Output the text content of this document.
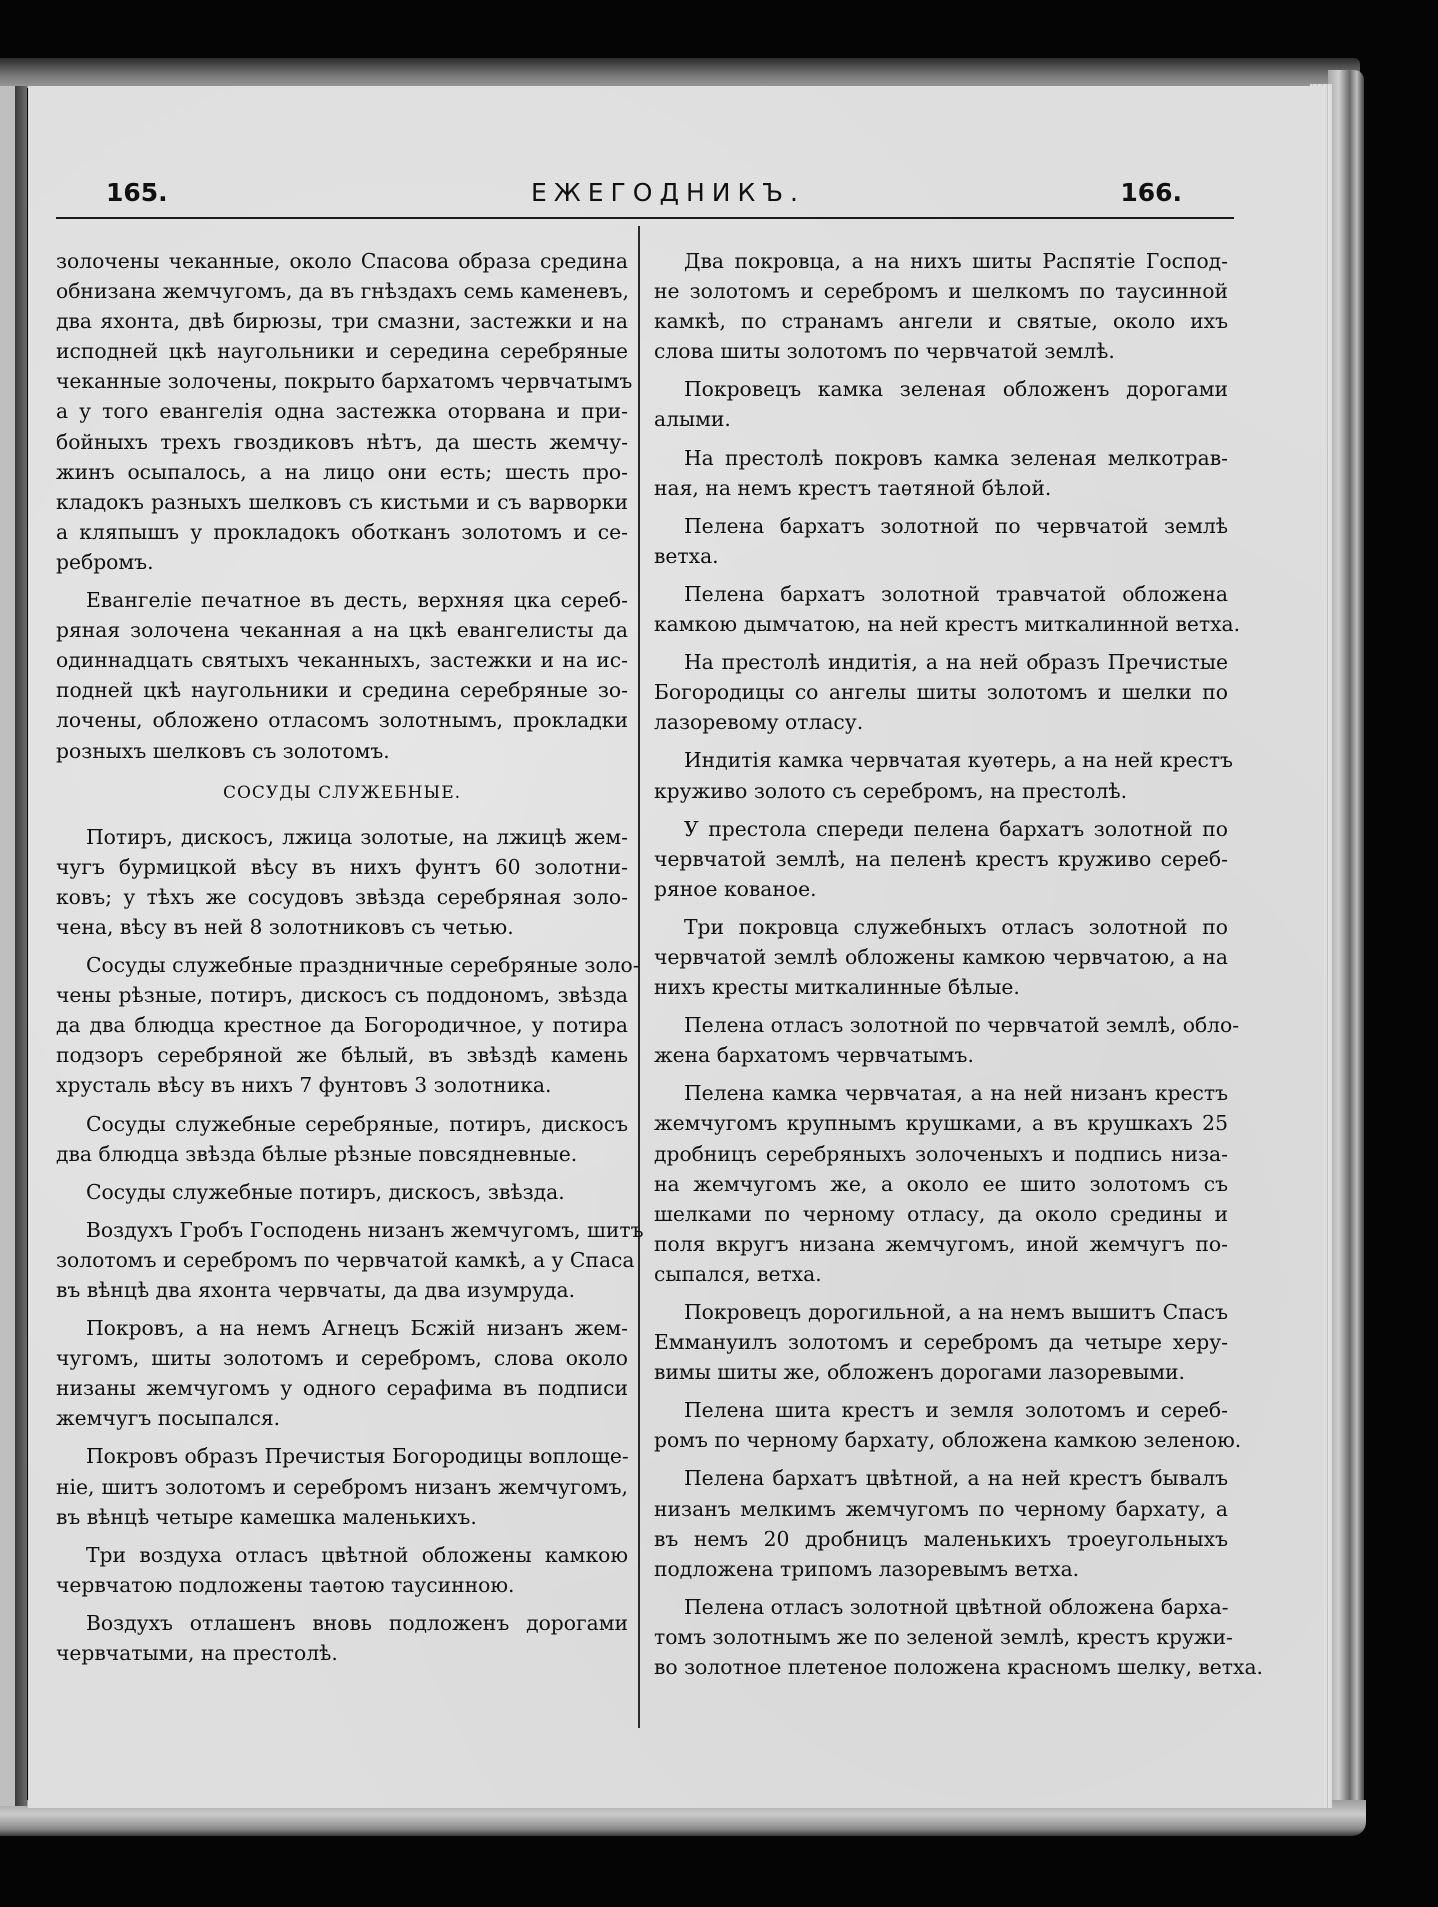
165.	ЕЖЕГОДНИКЪ.	166.
золочены чеканные, около Спасова образа средина
обнизана жемчугомъ, да въ гнѣздахъ семь каменевъ,
два яхонта, двѣ бирюзы, три смазни, застежки и на
исподней цкѣ наугольники и середина серебряные
чеканные золочены, покрыто бархатомъ червчатымъ
а у того евангелія одна застежка оторвана и при-
бойныхъ трехъ гвоздиковъ нѣтъ, да шесть жемчу-
жинъ осыпалось, а на лицо они есть; шесть про-
кладокъ разныхъ шелковъ съ кистьми и съ варворки
а кляпышъ у прокладокъ оботканъ золотомъ и се-
ребромъ.
Евангеліе печатное въ десть, верхняя цка сереб-
ряная золочена чеканная а на цкѣ евангелисты да
одиннадцать святыхъ чеканныхъ, застежки и на ис-
подней цкѣ наугольники и средина серебряные зо-
лочены, обложено отласомъ золотнымъ, прокладки
розныхъ шелковъ съ золотомъ.
СОСУДЫ СЛУЖЕБНЫЕ.
Потиръ, дискосъ, лжица золотые, на лжицѣ жем-
чугъ бурмицкой вѣсу въ нихъ фунтъ 60 золотни-
ковъ; у тѣхъ же сосудовъ звѣзда серебряная золо-
чена, вѣсу въ ней 8 золотниковъ съ четью.
Сосуды служебные праздничные серебряные золо-
чены рѣзные, потиръ, дискосъ съ поддономъ, звѣзда
да два блюдца крестное да Богородичное, у потира
подзоръ серебряной же бѣлый, въ звѣздѣ камень
хрусталь вѣсу въ нихъ 7 фунтовъ 3 золотника.
Сосуды служебные серебряные, потиръ, дискосъ
два блюдца звѣзда бѣлые рѣзные повсядневные.
Сосуды служебные потиръ, дискосъ, звѣзда.
Воздухъ Гробъ Господень низанъ жемчугомъ, шитъ
золотомъ и серебромъ по червчатой камкѣ, а у Спаса
въ вѣнцѣ два яхонта червчаты, да два изумруда.
Покровъ, а на немъ Агнецъ Бсжій низанъ жем-
чугомъ, шиты золотомъ и серебромъ, слова около
низаны жемчугомъ у одного серафима въ подписи
жемчугъ посыпался.
Покровъ образъ Пречистыя Богородицы воплоще-
ніе, шитъ золотомъ и серебромъ низанъ жемчугомъ,
въ вѣнцѣ четыре камешка маленькихъ.
Три воздуха отласъ цвѣтной обложены камкою
червчатою подложены таѳтою таусинною.
Воздухъ отлашенъ вновь подложенъ дорогами
червчатыми, на престолѣ.
Два покровца, а на нихъ шиты Распятіе Господ-
не золотомъ и серебромъ и шелкомъ по таусинной
камкѣ, по странамъ ангели и святые, около ихъ
слова шиты золотомъ по червчатой землѣ.
Покровецъ камка зеленая обложенъ дорогами
алыми.
На престолѣ покровъ камка зеленая мелкотрав-
ная, на немъ крестъ таѳтяной бѣлой.
Пелена бархатъ золотной по червчатой землѣ
ветха.
Пелена бархатъ золотной травчатой обложена
камкою дымчатою, на ней крестъ миткалинной ветха.
На престолѣ индитія, а на ней образъ Пречистые
Богородицы со ангелы шиты золотомъ и шелки по
лазоревому отласу.
Индитія камка червчатая куѳтерь, а на ней крестъ
круживо золото съ серебромъ, на престолѣ.
У престола спереди пелена бархатъ золотной по
червчатой землѣ, на пеленѣ крестъ круживо сереб-
ряное кованое.
Три покровца служебныхъ отласъ золотной по
червчатой землѣ обложены камкою червчатою, а на
нихъ кресты миткалинные бѣлые.
Пелена отласъ золотной по червчатой землѣ, обло-
жена бархатомъ червчатымъ.
Пелена камка червчатая, а на ней низанъ крестъ
жемчугомъ крупнымъ крушками, а въ крушкахъ 25
дробницъ серебряныхъ золоченыхъ и подпись низа-
на жемчугомъ же, а около ее шито золотомъ съ
шелками по черному отласу, да около средины и
поля вкругъ низана жемчугомъ, иной жемчугъ по-
сыпался, ветха.
Покровецъ дорогильной, а на немъ вышитъ Спасъ
Еммануилъ золотомъ и серебромъ да четыре херу-
вимы шиты же, обложенъ дорогами лазоревыми.
Пелена шита крестъ и земля золотомъ и сереб-
ромъ по черному бархату, обложена камкою зеленою.
Пелена бархатъ цвѣтной, а на ней крестъ бывалъ
низанъ мелкимъ жемчугомъ по черному бархату, а
въ немъ 20 дробницъ маленькихъ троеугольныхъ
подложена трипомъ лазоревымъ ветха.
Пелена отласъ золотной цвѣтной обложена барха-
томъ золотнымъ же по зеленой землѣ, крестъ кружи-
во золотное плетеное положена красномъ шелку, ветха.
